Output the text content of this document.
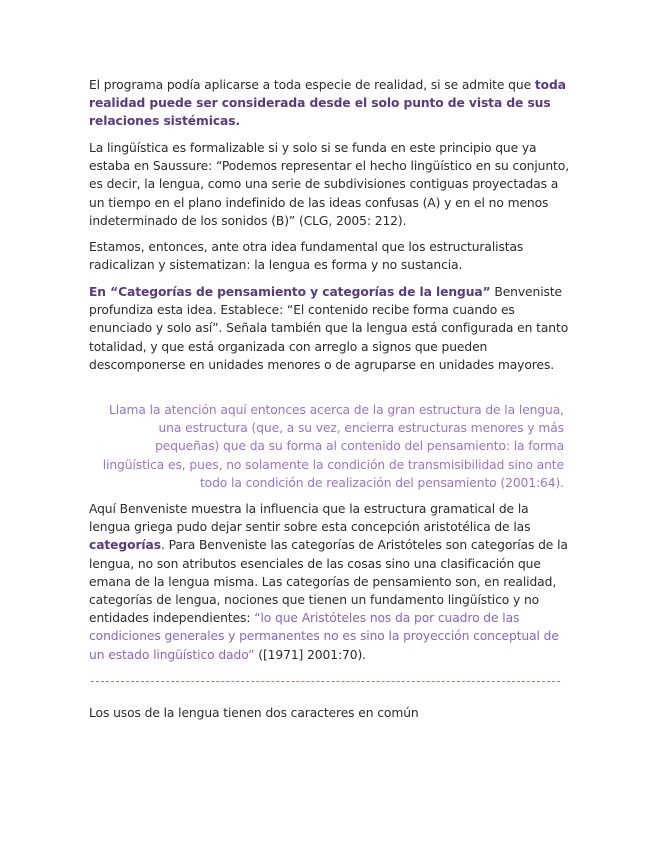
El programa podía aplicarse a toda especie de realidad, si se admite que toda realidad puede ser considerada desde el solo punto de vista de sus relaciones sistémicas.

La lingüística es formalizable si y solo si se funda en este principio que ya estaba en Saussure: “Podemos representar el hecho lingüístico en su conjunto, es decir, la lengua, como una serie de subdivisiones contiguas proyectadas a un tiempo en el plano indefinido de las ideas confusas (A) y en el no menos indeterminado de los sonidos (B)” (CLG, 2005: 212).

Estamos, entonces, ante otra idea fundamental que los estructuralistas radicalizan y sistematizan: la lengua es forma y no sustancia.

En “Categorías de pensamiento y categorías de la lengua” Benveniste profundiza esta idea. Establece: “El contenido recibe forma cuando es enunciado y solo así”. Señala también que la lengua está configurada en tanto totalidad, y que está organizada con arreglo a signos que pueden descomponerse en unidades menores o de agruparse en unidades mayores.

Llama la atención aquí entonces acerca de la gran estructura de la lengua, una estructura (que, a su vez, encierra estructuras menores y más pequeñas) que da su forma al contenido del pensamiento: la forma lingüística es, pues, no solamente la condición de transmisibilidad sino ante todo la condición de realización del pensamiento (2001:64).

Aquí Benveniste muestra la influencia que la estructura gramatical de la lengua griega pudo dejar sentir sobre esta concepción aristotélica de las categorías. Para Benveniste las categorías de Aristóteles son categorías de la lengua, no son atributos esenciales de las cosas sino una clasificación que emana de la lengua misma. Las categorías de pensamiento son, en realidad, categorías de lengua, nociones que tienen un fundamento lingüístico y no entidades independientes: “lo que Aristóteles nos da por cuadro de las condiciones generales y permanentes no es sino la proyección conceptual de un estado lingüístico dado” ([1971] 2001:70).

Los usos de la lengua tienen dos caracteres en común
